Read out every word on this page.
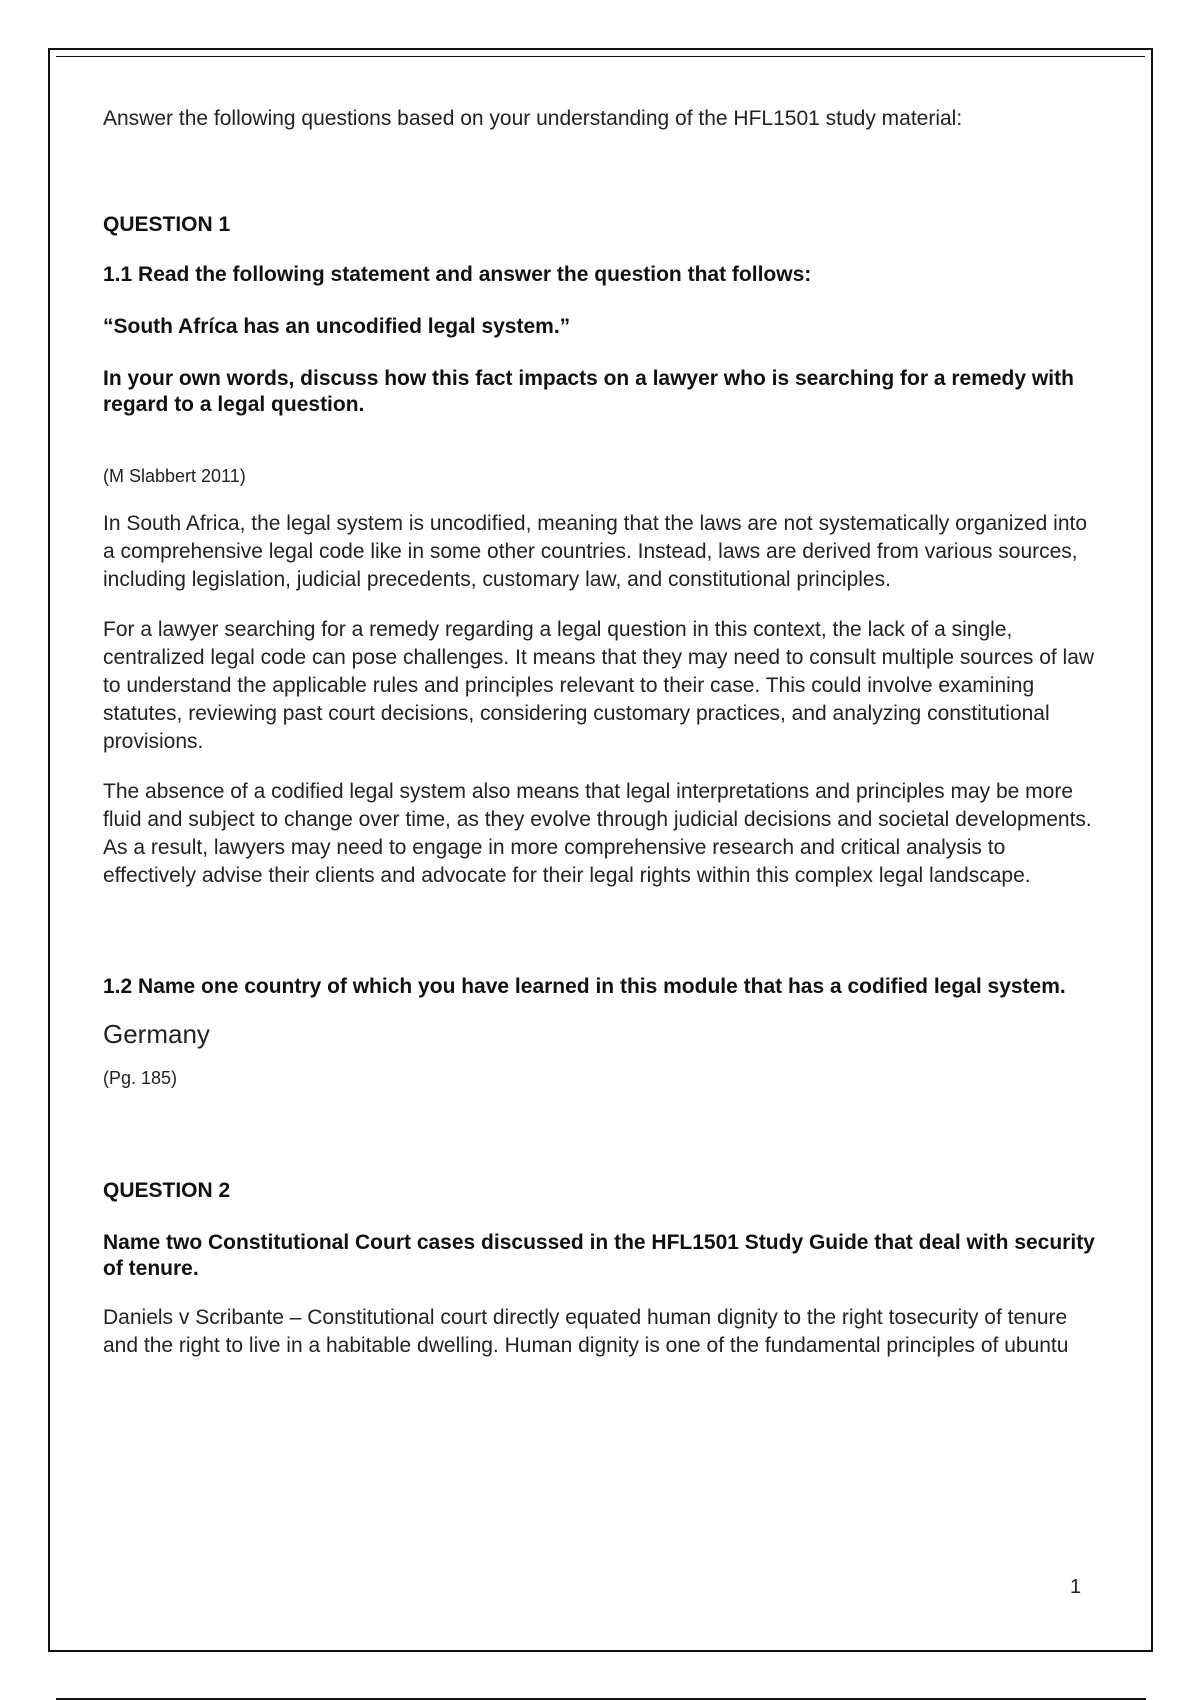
Answer the following questions based on your understanding of the HFL1501 study material:

QUESTION 1

1.1 Read the following statement and answer the question that follows:

“South Afríca has an uncodified legal system.”

In your own words, discuss how this fact impacts on a lawyer who is searching for a remedy with regard to a legal question.

(M Slabbert 2011)

In South Africa, the legal system is uncodified, meaning that the laws are not systematically organized into a comprehensive legal code like in some other countries. Instead, laws are derived from various sources, including legislation, judicial precedents, customary law, and constitutional principles.

For a lawyer searching for a remedy regarding a legal question in this context, the lack of a single, centralized legal code can pose challenges. It means that they may need to consult multiple sources of law to understand the applicable rules and principles relevant to their case. This could involve examining statutes, reviewing past court decisions, considering customary practices, and analyzing constitutional provisions.

The absence of a codified legal system also means that legal interpretations and principles may be more fluid and subject to change over time, as they evolve through judicial decisions and societal developments. As a result, lawyers may need to engage in more comprehensive research and critical analysis to effectively advise their clients and advocate for their legal rights within this complex legal landscape.

1.2 Name one country of which you have learned in this module that has a codified legal system.

Germany

(Pg. 185)

QUESTION 2

Name two Constitutional Court cases discussed in the HFL1501 Study Guide that deal with security of tenure.

Daniels v Scribante – Constitutional court directly equated human dignity to the right tosecurity of tenure and the right to live in a habitable dwelling. Human dignity is one of the fundamental principles of ubuntu

1
